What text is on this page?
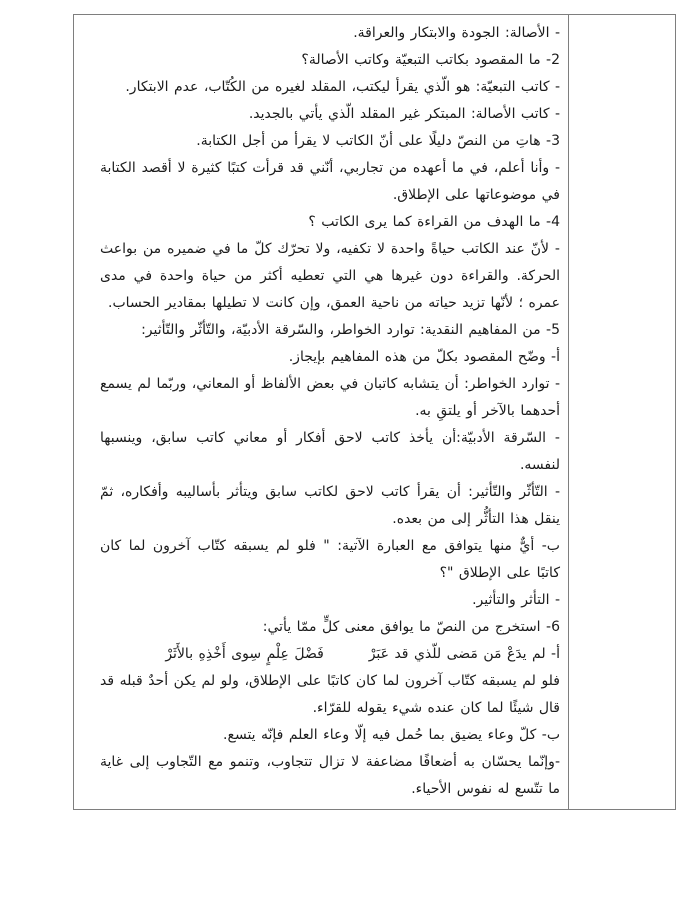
- الأصالة: الجودة والابتكار والعراقة.

2- ما المقصود بكاتب التبعيّة وكاتب الأصالة؟

- كاتب التبعيّة: هو الّذي يقرأ ليكتب، المقلد لغيره من الكُتّاب، عدم الابتكار.

- كاتب الأصالة: المبتكر غير المقلد الّذي يأتي بالجديد.

3- هاتِ من النصّ دليلًا على أنّ الكاتب لا يقرأ من أجل الكتابة.

- وأنا أعلم، في ما أعهده من تجاربي، أنّني قد قرأت كتبًا كثيرة لا أقصد الكتابة في موضوعاتها على الإطلاق.

4- ما الهدف من القراءة كما يرى الكاتب ؟

- لأنّ عند الكاتب حياةً واحدة لا تكفيه، ولا تحرّك كلّ ما في ضميره من بواعث الحركة. والقراءة دون غيرها هي التي تعطيه أكثر من حياة واحدة في مدى عمره ؛ لأنّها تزيد حياته من ناحية العمق، وإن كانت لا تطيلها بمقادير الحساب.

5- من المفاهيم النقدية: توارد الخواطر، والسّرقة الأدبيّة، والتّأثّر والتّأثير:

أ- وضّح المقصود بكلّ من هذه المفاهيم بإيجاز.

- توارد الخواطر: أن يتشابه كاتبان في بعض الألفاظ أو المعاني، وربّما لم يسمع أحدهما بالآخر أو يلتقِ به.

- السّرقة الأدبيّة:أن يأخذ كاتب لاحق أفكار أو معاني كاتب سابق، وينسبها لنفسه.

- التّأثّر والتّأثير: أن يقرأ كاتب لاحق لكاتب سابق ويتأثر بأساليبه وأفكاره، ثمّ ينقل هذا التأثُّر إلى من بعده.

ب- أيٌّ منها يتوافق مع العبارة الآتية: " فلو لم يسبقه كتّاب آخرون لما كان كاتبًا على الإطلاق "؟

- التأثر والتأثير.

6- استخرج من النصّ ما يوافق معنى كلٍّ ممّا يأتي:

أ- لم يدَعْ مَن مَضى للّذي قد عَبَرْ  فَضْلَ عِلْمٍ سِوى أَخْذِهِ بالأَثَرْ

فلو لم يسبقه كتّاب آخرون لما كان كاتبًا على الإطلاق، ولو لم يكن أحدٌ قبله قد قال شيئًا لما كان عنده شيء يقوله للقرّاء.

ب- كلّ وعاء يضيق بما حُمل فيه إلّا وعاء العلم فإنّه يتسع.

-وإنّما يحسّان به أضعافًا مضاعفة لا تزال تتجاوب، وتنمو مع التّجاوب إلى غاية ما تتّسع له نفوس الأحياء.
